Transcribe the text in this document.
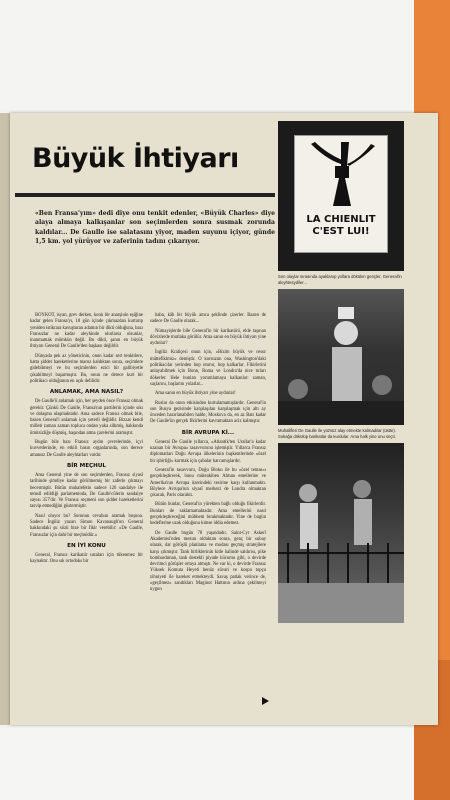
Büyük İhtiyarı
«Ben Fransa'yım» dedi diye onu tenkit edenler, «Büyük Charles» diye alaya almaya kalkışanlar son seçimlerden sonra susmak zorunda kaldılar... De Gaulle ise salatasını yiyor, maden suyunu içiyor, günde 1,5 km. yol yürüyor ve zaferinin tadını çıkarıyor.

BOYKOT, isyan, grev derken, koniı bir anarşinin eşiğine kadar gelen Fransa'yı, 18 gün içinde çıkmazdan kurtarıp yeniden istikrara kavuşturan adamın bir dikti olduğuna, bazı Fransızlar ne kadar aleyhinde olurlarsa olsunlar, inanmamak mümkün değil. Bu dikti, şanın en büyük ihtiyarı General De Gaulle'den başkası değildir.

Dünyada pek az yöneticinin, onun kadar sert tenkitlere, hatta şiddet hareketlerine maruz kaldıktan sonra, seçimlere gidebilmeyi ve bu seçimlerden ezici bir galibiyetle çıkabilmeyi başarmıştır. Bu, onun ne derece kurt bir politikacı olduğunun en açık delilidir.

ANLAMAK, AMA NASIL?

De Gaulle'ü anlamak için, her şeyden önce Fransız olmak gerekir. Çünkü De Gaulle, Fransa'nın partilerin içinde sıkı ve dolaşma ulaşmaktadır. Ama sadece Fransız olmak bile, bazen General'i anlamak için yeterli değildir. Bizzat kendi milleti zaman zaman topluca ondan yaka silkmiş, hakkında ümitsizliğe düşmüş, başından atma çarelerini aramıştır.

Bugün bile bazı Fransız aydın çevrelerinde, içyi kuvvetlerinde, en etkili basın organlarında, son derece amansız De Gaulle aleyhtarları vardır.

BİR MEÇHUL

Ama General yine de son seçimlerden, Fransız siyasî tarihinde şimdiye kadar görülmemiş bir zaferle çıkmayı becermiştir. Bütün muhalefetin sadece 126 sandalye ile temsil edildiği parlamentoda, De Gaulle'cülerin sandalye sayısı 357'dir. Ve Fransız seçmeni son şiddet hareketlerini tasvip etmediğini göstermiştir.

Nasıl oluyor bu? Sorunun cevabını aramak boşuna. Sadece İngiliz yazarı Simon Kavanaugh'un General hakkındaki şu sözü bize bir fikir verebilir: «De Gaulle, Fransızlar için dahi bir meçhuldür.»

EN İYİ KONU

General, Fransız karikatür ustaları için tükenmez bir kaynaktır. Onu sık ortodoks bir

baba, kâh bir büyük amca şeklinde çizerler. Bazen de sadece De Gaulle olarak...

Nümayişlerde bile General'in bir karikatürü, elde taşınan dövizlerde mutlaka görülür. Ama sanın en büyük ihtiyarı yine aydınlar?

İngiliz Kraliçesi onun için, «Bizim büyük ve cesur müttefikimiz» demiştir. O korsuzun ona, Washington'daki politikacılar yerinden hop oturur, hop kalkarlar. Fikirlerini anlayabilmek için Bonn, Roma ve Londra'da nice tırları dökerler. Hele bunları yorumlamaya kalkanlar: zaman, saçlarını, başlarını yolarlar...

Ama sanın en büyük ihtiyarı yine aydınlar!

Ruslar da onun etkisinden kurtulamamışlardır. General'in son Rusya gezisinde karşılaşılan karşılaşmak için altı ay önceden hazırlanabilen halde, Moskova da, en az Batı kadar De Gaulle'ün gerçek fikirlerini kavramaktan aciz kalmıştır.

BİR AVRUPA Kİ...

General De Gaulle yıllarca, «Atlantik'ten Urallar'a kadar uzanan bir Avrupa» tasavvurunu işlemiştir. Yıllarca Fransız diplomatları Doğu Avrupa ülkelerinin başkentlerinde «özel bir işbirliği» kurmak için çabalar harcamışlardır.

General'in tasavvuru, Doğu Bloku ile bu «özel temas»ı gerçekleştirerek, bunu müteakiben Alman emellerine ve Amerika'nın Avrupa üzerindeki tesirine karşı kullanmaktı. Böylece Avrupa'nın siyasî merkezi de Londra olmaktan çıkacak, Paris olacaktı.

Bütün bunlar, General'in yürekten bağlı olduğu fikirlerdir. Bunları de saklamamaktadır. Ama emellerini nasıl gerçekleştireceğini mübhem bırakmaktadır. Yine de bugün hedeflerine uzak olduğunu kimse iddia edemez.

De Gaulle bugün 78 yaşındadır. Saint-Cyr Askerî Akademisi'nden mezun olduktan sonra, genç bir subay olarak, dar görüşlü planlama ve modası geçmiş stratejilere karşı çıkmıştır. Tank birliklerinin kitle halinde saldırısı, pike bombardıman, tank destekli piyade hücumu gibi, o devirde devrimci görüşler ortaya atmıştı. Ne var ki, o devirde Fransız Yüksek Komuta Heyeti henüz süvari ve kospu topçu zihniyeti ile hareket etmekteydi. Savaş patlak verince de, «geçilmez» sandıkları Maginot Hattının ardına çekilmeyi uygun

LA CHIENLIT C'EST LUI!
Son olaylar sırasında ayaklanıp yollara dökülen gençler, General'in aleyhtesydiler...
Muhalifleri De Gaulle ile yüzsüz alay etmekte kalmadılar (üstte). Sokağa dökülüp barikatlar da kurdular. Ama halk yine onu seçti.
